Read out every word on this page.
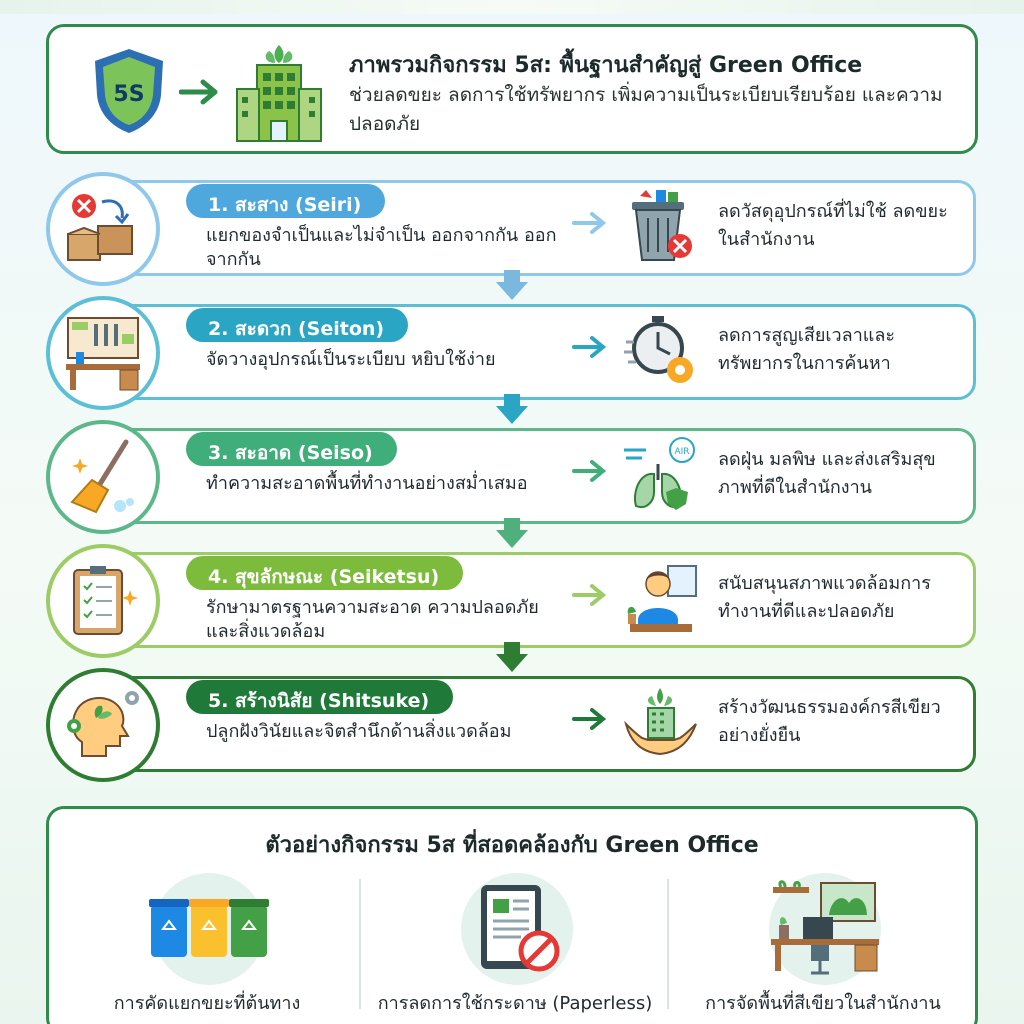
5S
ภาพรวมกิจกรรม 5ส: พื้นฐานสำคัญสู่ Green Office
ช่วยลดขยะ ลดการใช้ทรัพยากร เพิ่มความเป็นระเบียบเรียบร้อย และความปลอดภัย
1. สะสาง (Seiri)
แยกของจำเป็นและไม่จำเป็น ออกจากกัน ออกจากกัน
ลดวัสดุอุปกรณ์ที่ไม่ใช้ ลดขยะในสำนักงาน
2. สะดวก (Seiton)
จัดวางอุปกรณ์เป็นระเบียบ หยิบใช้ง่าย
ลดการสูญเสียเวลาและทรัพยากรในการค้นหา
3. สะอาด (Seiso)
ทำความสะอาดพื้นที่ทำงานอย่างสม่ำเสมอ
AIR ลดฝุ่น มลพิษ และส่งเสริมสุขภาพที่ดีในสำนักงาน
4. สุขลักษณะ (Seiketsu)
รักษามาตรฐานความสะอาด ความปลอดภัย และสิ่งแวดล้อม
สนับสนุนสภาพแวดล้อมการทำงานที่ดีและปลอดภัย
5. สร้างนิสัย (Shitsuke)
ปลูกฝังวินัยและจิตสำนึกด้านสิ่งแวดล้อม
สร้างวัฒนธรรมองค์กรสีเขียวอย่างยั่งยืน
ตัวอย่างกิจกรรม 5ส ที่สอดคล้องกับ Green Office
การคัดแยกขยะที่ต้นทาง	การลดการใช้กระดาษ (Paperless)	การจัดพื้นที่สีเขียวในสำนักงาน
